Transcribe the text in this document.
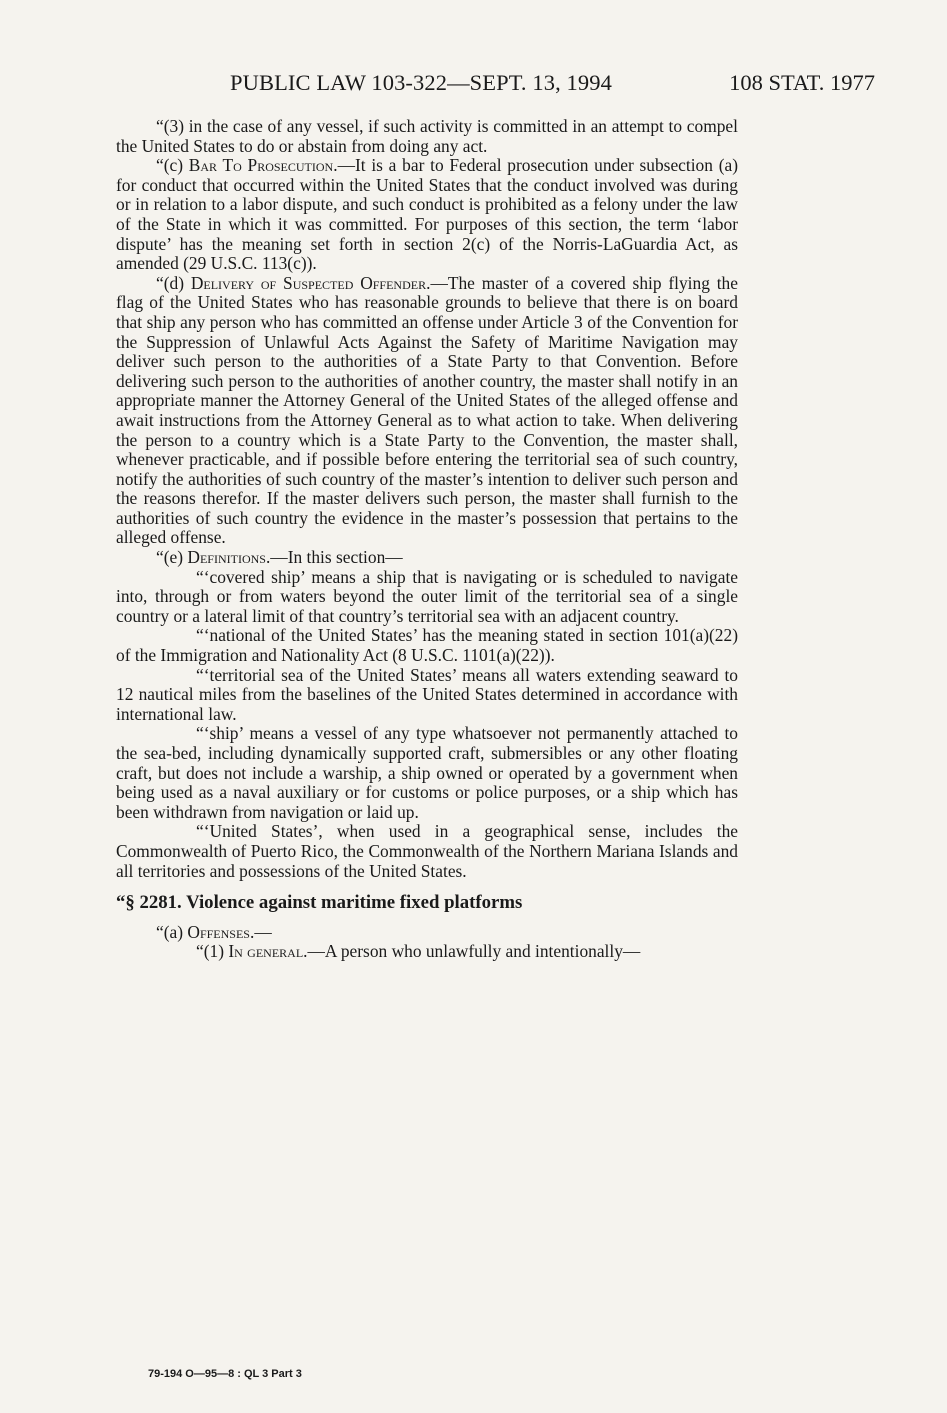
PUBLIC LAW 103-322—SEPT. 13, 1994	108 STAT. 1977

“(3) in the case of any vessel, if such activity is committed in an attempt to compel the United States to do or abstain from doing any act.

“(c) Bar To Prosecution.—It is a bar to Federal prosecution under subsection (a) for conduct that occurred within the United States that the conduct involved was during or in relation to a labor dispute, and such conduct is prohibited as a felony under the law of the State in which it was committed. For purposes of this section, the term ‘labor dispute’ has the meaning set forth in section 2(c) of the Norris-LaGuardia Act, as amended (29 U.S.C. 113(c)).

“(d) Delivery of Suspected Offender.—The master of a covered ship flying the flag of the United States who has reasonable grounds to believe that there is on board that ship any person who has committed an offense under Article 3 of the Convention for the Suppression of Unlawful Acts Against the Safety of Maritime Navigation may deliver such person to the authorities of a State Party to that Convention. Before delivering such person to the authorities of another country, the master shall notify in an appropriate manner the Attorney General of the United States of the alleged offense and await instructions from the Attorney General as to what action to take. When delivering the person to a country which is a State Party to the Convention, the master shall, whenever practicable, and if possible before entering the territorial sea of such country, notify the authorities of such country of the master’s intention to deliver such person and the reasons therefor. If the master delivers such person, the master shall furnish to the authorities of such country the evidence in the master’s possession that pertains to the alleged offense.

“(e) Definitions.—In this section—

“‘covered ship’ means a ship that is navigating or is scheduled to navigate into, through or from waters beyond the outer limit of the territorial sea of a single country or a lateral limit of that country’s territorial sea with an adjacent country.

“‘national of the United States’ has the meaning stated in section 101(a)(22) of the Immigration and Nationality Act (8 U.S.C. 1101(a)(22)).

“‘territorial sea of the United States’ means all waters extending seaward to 12 nautical miles from the baselines of the United States determined in accordance with international law.

“‘ship’ means a vessel of any type whatsoever not permanently attached to the sea-bed, including dynamically supported craft, submersibles or any other floating craft, but does not include a warship, a ship owned or operated by a government when being used as a naval auxiliary or for customs or police purposes, or a ship which has been withdrawn from navigation or laid up.

“‘United States’, when used in a geographical sense, includes the Commonwealth of Puerto Rico, the Commonwealth of the Northern Mariana Islands and all territories and possessions of the United States.

“§ 2281. Violence against maritime fixed platforms

“(a) Offenses.—

“(1) In general.—A person who unlawfully and intentionally—

79-194 O—95—8 : QL 3 Part 3
